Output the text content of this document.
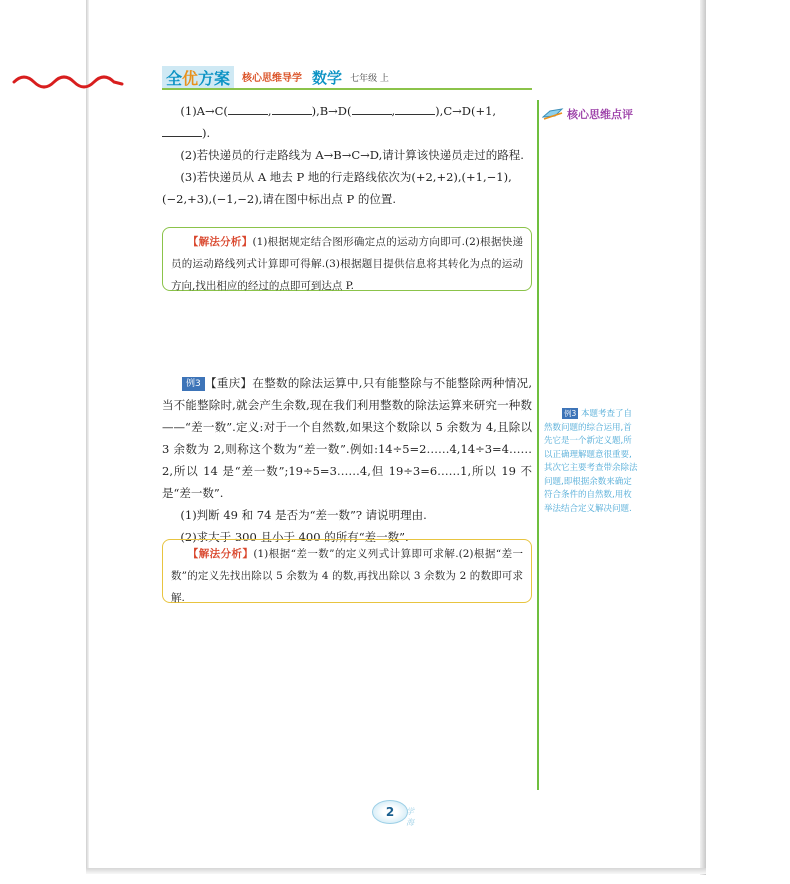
全 优 方案 核心思维导学 数学 七年级 上
核心思维点评

(1)A→C(	,	),B→D(	,	),C→D(+1,
).

(2)若快递员的行走路线为 A→B→C→D,请计算该快递员走过的路程.

(3)若快递员从 A 地去 P 地的行走路线依次为(+2,+2),(+1,−1),(−2,+3),(−1,−2),请在图中标出点 P 的位置.

【解法分析】(1)根据规定结合图形确定点的运动方向即可.(2)根据快递员的运动路线列式计算即可得解.(3)根据题目提供信息将其转化为点的运动方向,找出相应的经过的点即可到达点 P.

例3 【重庆】在整数的除法运算中,只有能整除与不能整除两种情况,当不能整除时,就会产生余数,现在我们利用整数的除法运算来研究一种数——“差一数”.定义:对于一个自然数,如果这个数除以 5 余数为 4,且除以 3 余数为 2,则称这个数为“差一数”.例如:14÷5=2……4,14÷3=4……2,所以 14 是“差一数”;19÷5=3……4,但 19÷3=6……1,所以 19 不是“差一数”.

(1)判断 49 和 74 是否为“差一数”? 请说明理由.

(2)求大于 300 且小于 400 的所有“差一数”.

【解法分析】(1)根据“差一数”的定义列式计算即可求解.(2)根据“差一数”的定义先找出除以 5 余数为 4 的数,再找出除以 3 余数为 2 的数即可求解.

例3 本题考查了自然数问题的综合运用,首先它是一个新定义题,所以正确理解题意很重要,其次它主要考查带余除法问题,即根据余数来确定符合条件的自然数,用枚举法结合定义解决问题.

2	学海
